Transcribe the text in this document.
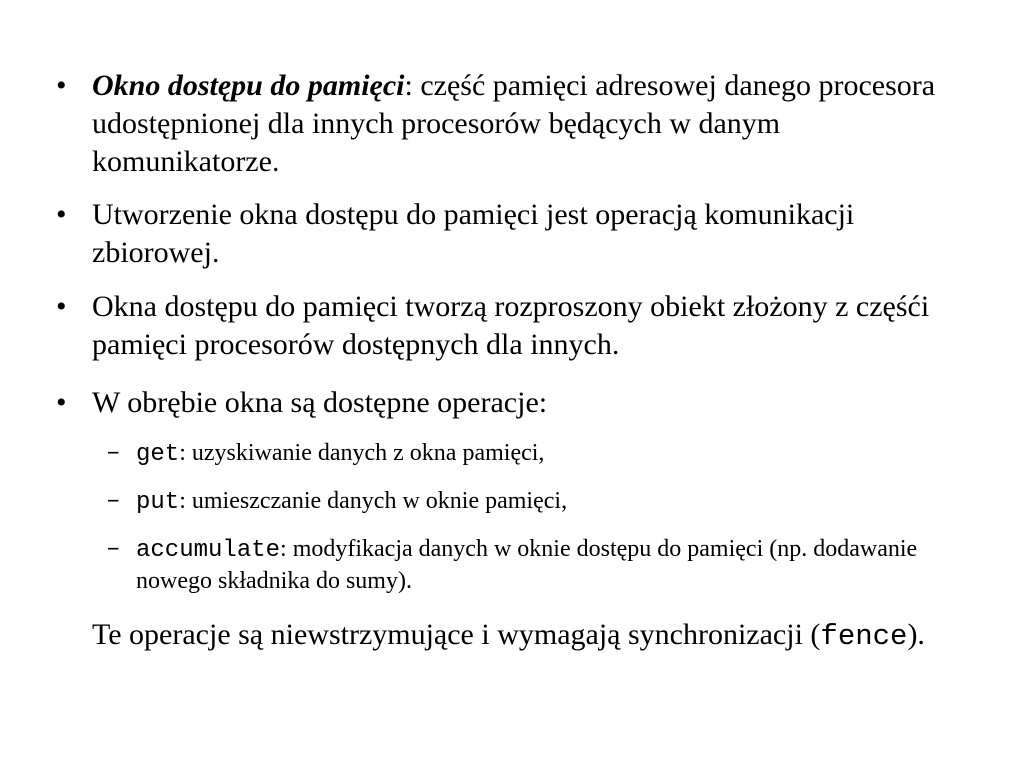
• Okno dostępu do pamięci: część pamięci adresowej danego procesora udostępnionej dla innych procesorów będących w danym komunikatorze.
• Utworzenie okna dostępu do pamięci jest operacją komunikacji zbiorowej.
• Okna dostępu do pamięci tworzą rozproszony obiekt złożony z częśći pamięci procesorów dostępnych dla innych.
• W obrębie okna są dostępne operacje:
– get: uzyskiwanie danych z okna pamięci,
– put: umieszczanie danych w oknie pamięci,
– accumulate: modyfikacja danych w oknie dostępu do pamięci (np. dodawanie nowego składnika do sumy).
Te operacje są niewstrzymujące i wymagają synchronizacji (fence).
